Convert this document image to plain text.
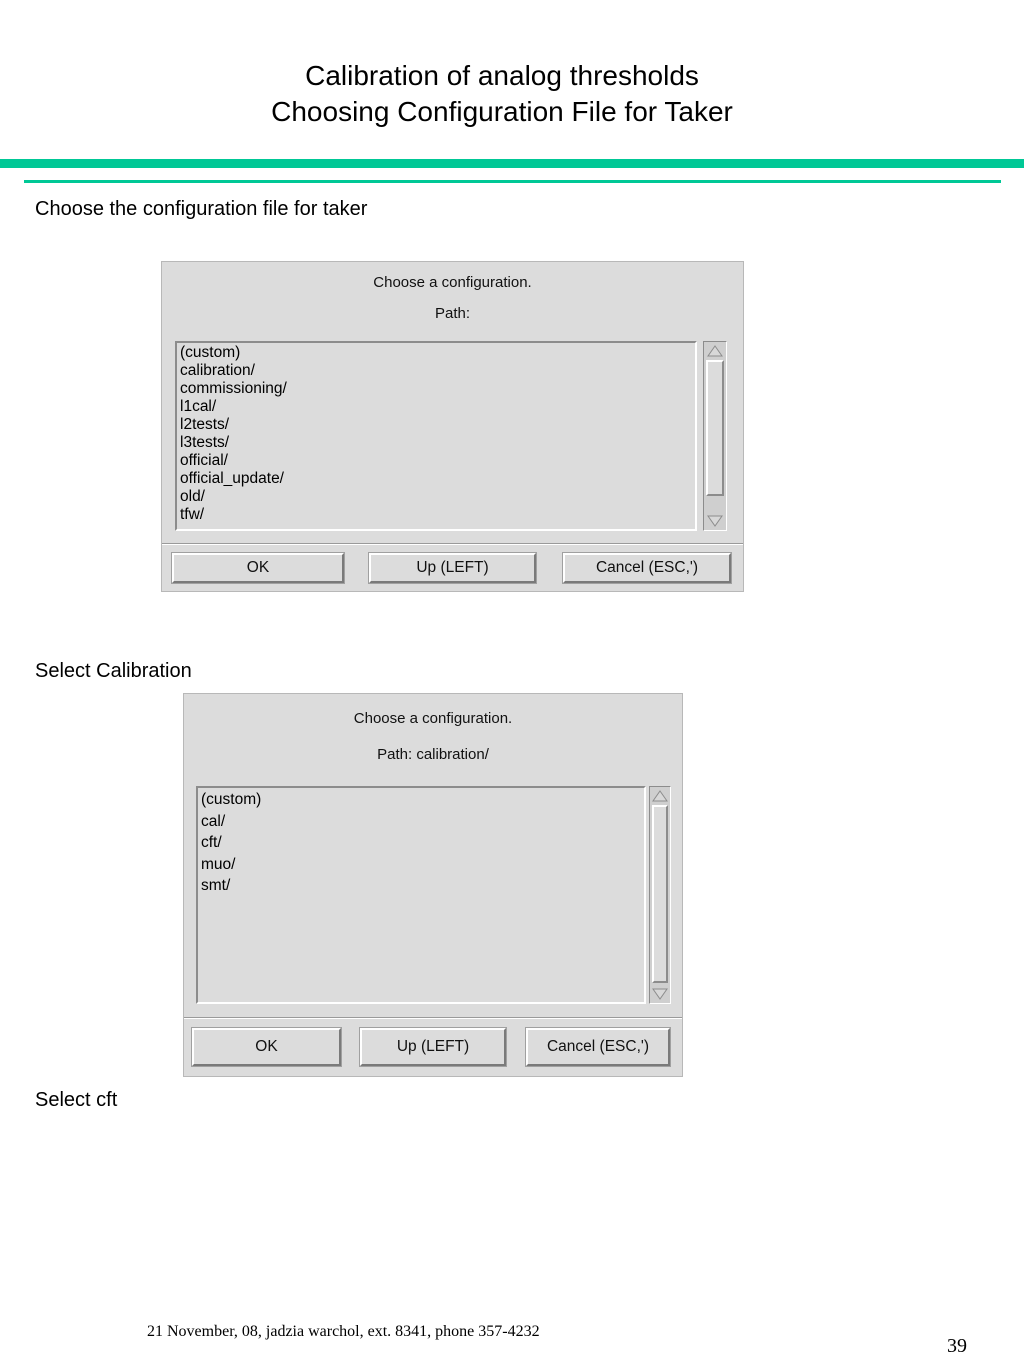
Calibration of analog thresholds
Choosing Configuration File for Taker
Choose the configuration file for taker
Choose a configuration.
Path:
(custom)
calibration/
commissioning/
l1cal/
l2tests/
l3tests/
official/
official_update/
old/
tfw/
OK	Up (LEFT)	Cancel (ESC,')
Select Calibration
Choose a configuration.
Path: calibration/
(custom)
cal/
cft/
muo/
smt/
OK	Up (LEFT)	Cancel (ESC,')
Select cft
21 November, 08, jadzia warchol, ext. 8341, phone 357-4232
39
